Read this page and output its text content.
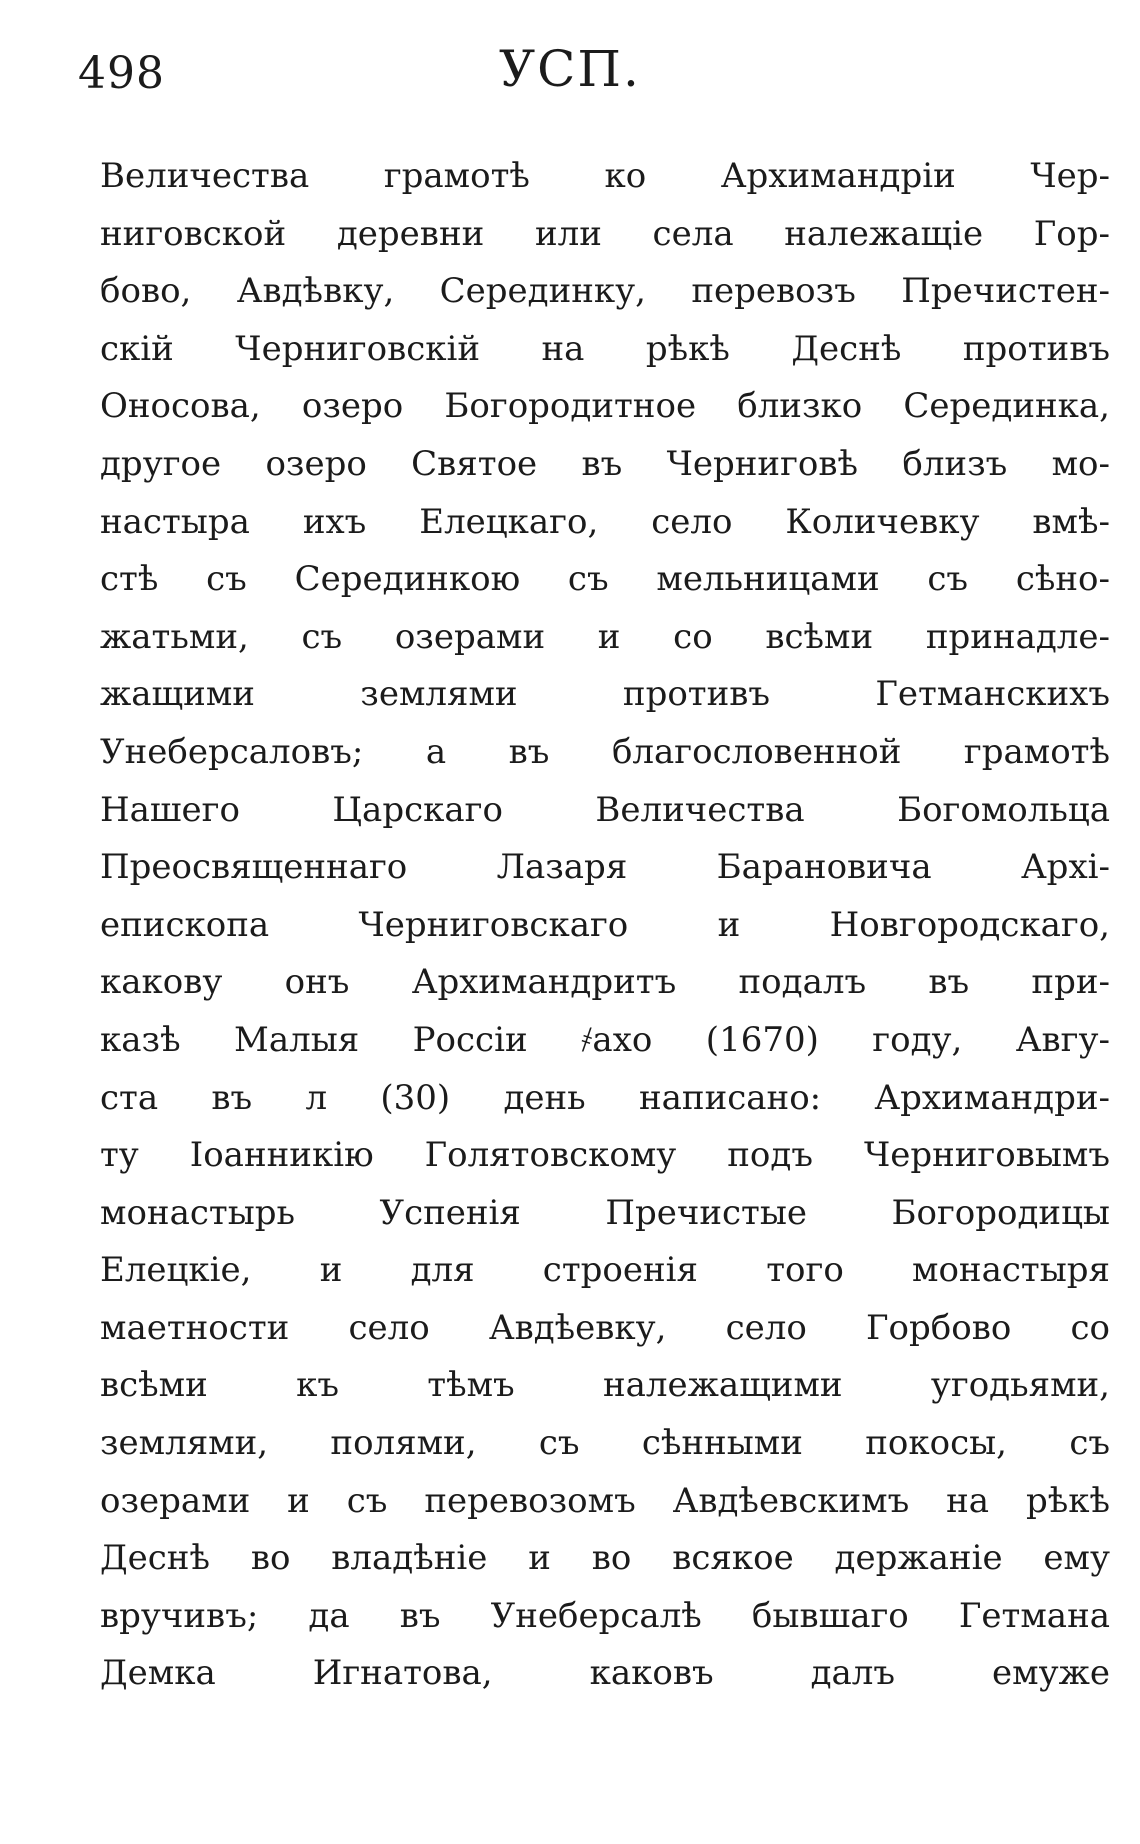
498	УСП.
Величества грамотѣ ко Архимандріи Чер-
ниговской деревни или села належащіе Гор-
бово, Авдѣвку, Серединку, перевозъ Пречистен-
скій Черниговскій на рѣкѣ Деснѣ противъ
Оносова, озеро Богородитное близко Серединка,
другое озеро Святое въ Черниговѣ близъ мо-
настыра ихъ Елецкаго, село Количевку вмѣ-
стѣ съ Серединкою съ мельницами съ сѣно-
жатьми, съ озерами и со всѣми принадле-
жащими землями противъ Гетманскихъ
Унеберсаловъ; а въ благословенной грамотѣ
Нашего Царскаго Величества Богомольца
Преосвященнаго Лазаря Барановича Архі-
епископа Черниговскаго и Новгородскаго,
какову онъ Архимандритъ подалъ въ при-
казѣ Малыя Россіи ҂ахо (1670) году, Авгу-
ста въ л (30) день написано: Архимандри-
ту Іоанникію Голятовскому подъ Черниговымъ
монастырь Успенія Пречистые Богородицы
Елецкіе, и для строенія того монастыря
маетности село Авдѣевку, село Горбово со
всѣми къ тѣмъ належащими угодьями,
землями, полями, съ сѣнными покосы, съ
озерами и съ перевозомъ Авдѣевскимъ на рѣкѣ
Деснѣ во владѣніе и во всякое держаніе ему
вручивъ; да въ Унеберсалѣ бывшаго Гетмана
Демка Игнатова, каковъ далъ емуже
